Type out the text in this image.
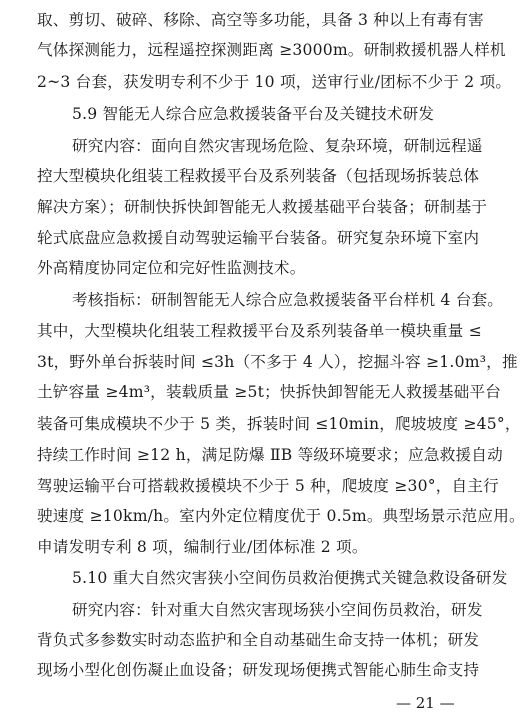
取、剪切、破碎、移除、高空等多功能，具备 3 种以上有毒有害
气体探测能力，远程遥控探测距离 ≥3000m。研制救援机器人样机
2~3 台套，获发明专利不少于 10 项，送审行业/团标不少于 2 项。
5.9 智能无人综合应急救援装备平台及关键技术研发
研究内容：面向自然灾害现场危险、复杂环境，研制远程遥
控大型模块化组装工程救援平台及系列装备（包括现场拆装总体
解决方案）；研制快拆快卸智能无人救援基础平台装备；研制基于
轮式底盘应急救援自动驾驶运输平台装备。研究复杂环境下室内
外高精度协同定位和完好性监测技术。
考核指标：研制智能无人综合应急救援装备平台样机 4 台套。
其中，大型模块化组装工程救援平台及系列装备单一模块重量 ≤
3t，野外单台拆装时间 ≤3h（不多于 4 人），挖掘斗容 ≥1.0m³，推
土铲容量 ≥4m³，装载质量 ≥5t；快拆快卸智能无人救援基础平台
装备可集成模块不少于 5 类，拆装时间 ≤10min，爬坡坡度 ≥45°，
持续工作时间 ≥12 h，满足防爆 ⅡB 等级环境要求；应急救援自动
驾驶运输平台可搭载救援模块不少于 5 种，爬坡度 ≥30°，自主行
驶速度 ≥10km/h。室内外定位精度优于 0.5m。典型场景示范应用。
申请发明专利 8 项，编制行业/团体标准 2 项。
5.10 重大自然灾害狭小空间伤员救治便携式关键急救设备研发
研究内容：针对重大自然灾害现场狭小空间伤员救治，研发
背负式多参数实时动态监护和全自动基础生命支持一体机；研发
现场小型化创伤凝止血设备；研发现场便携式智能心肺生命支持
— 21 —
